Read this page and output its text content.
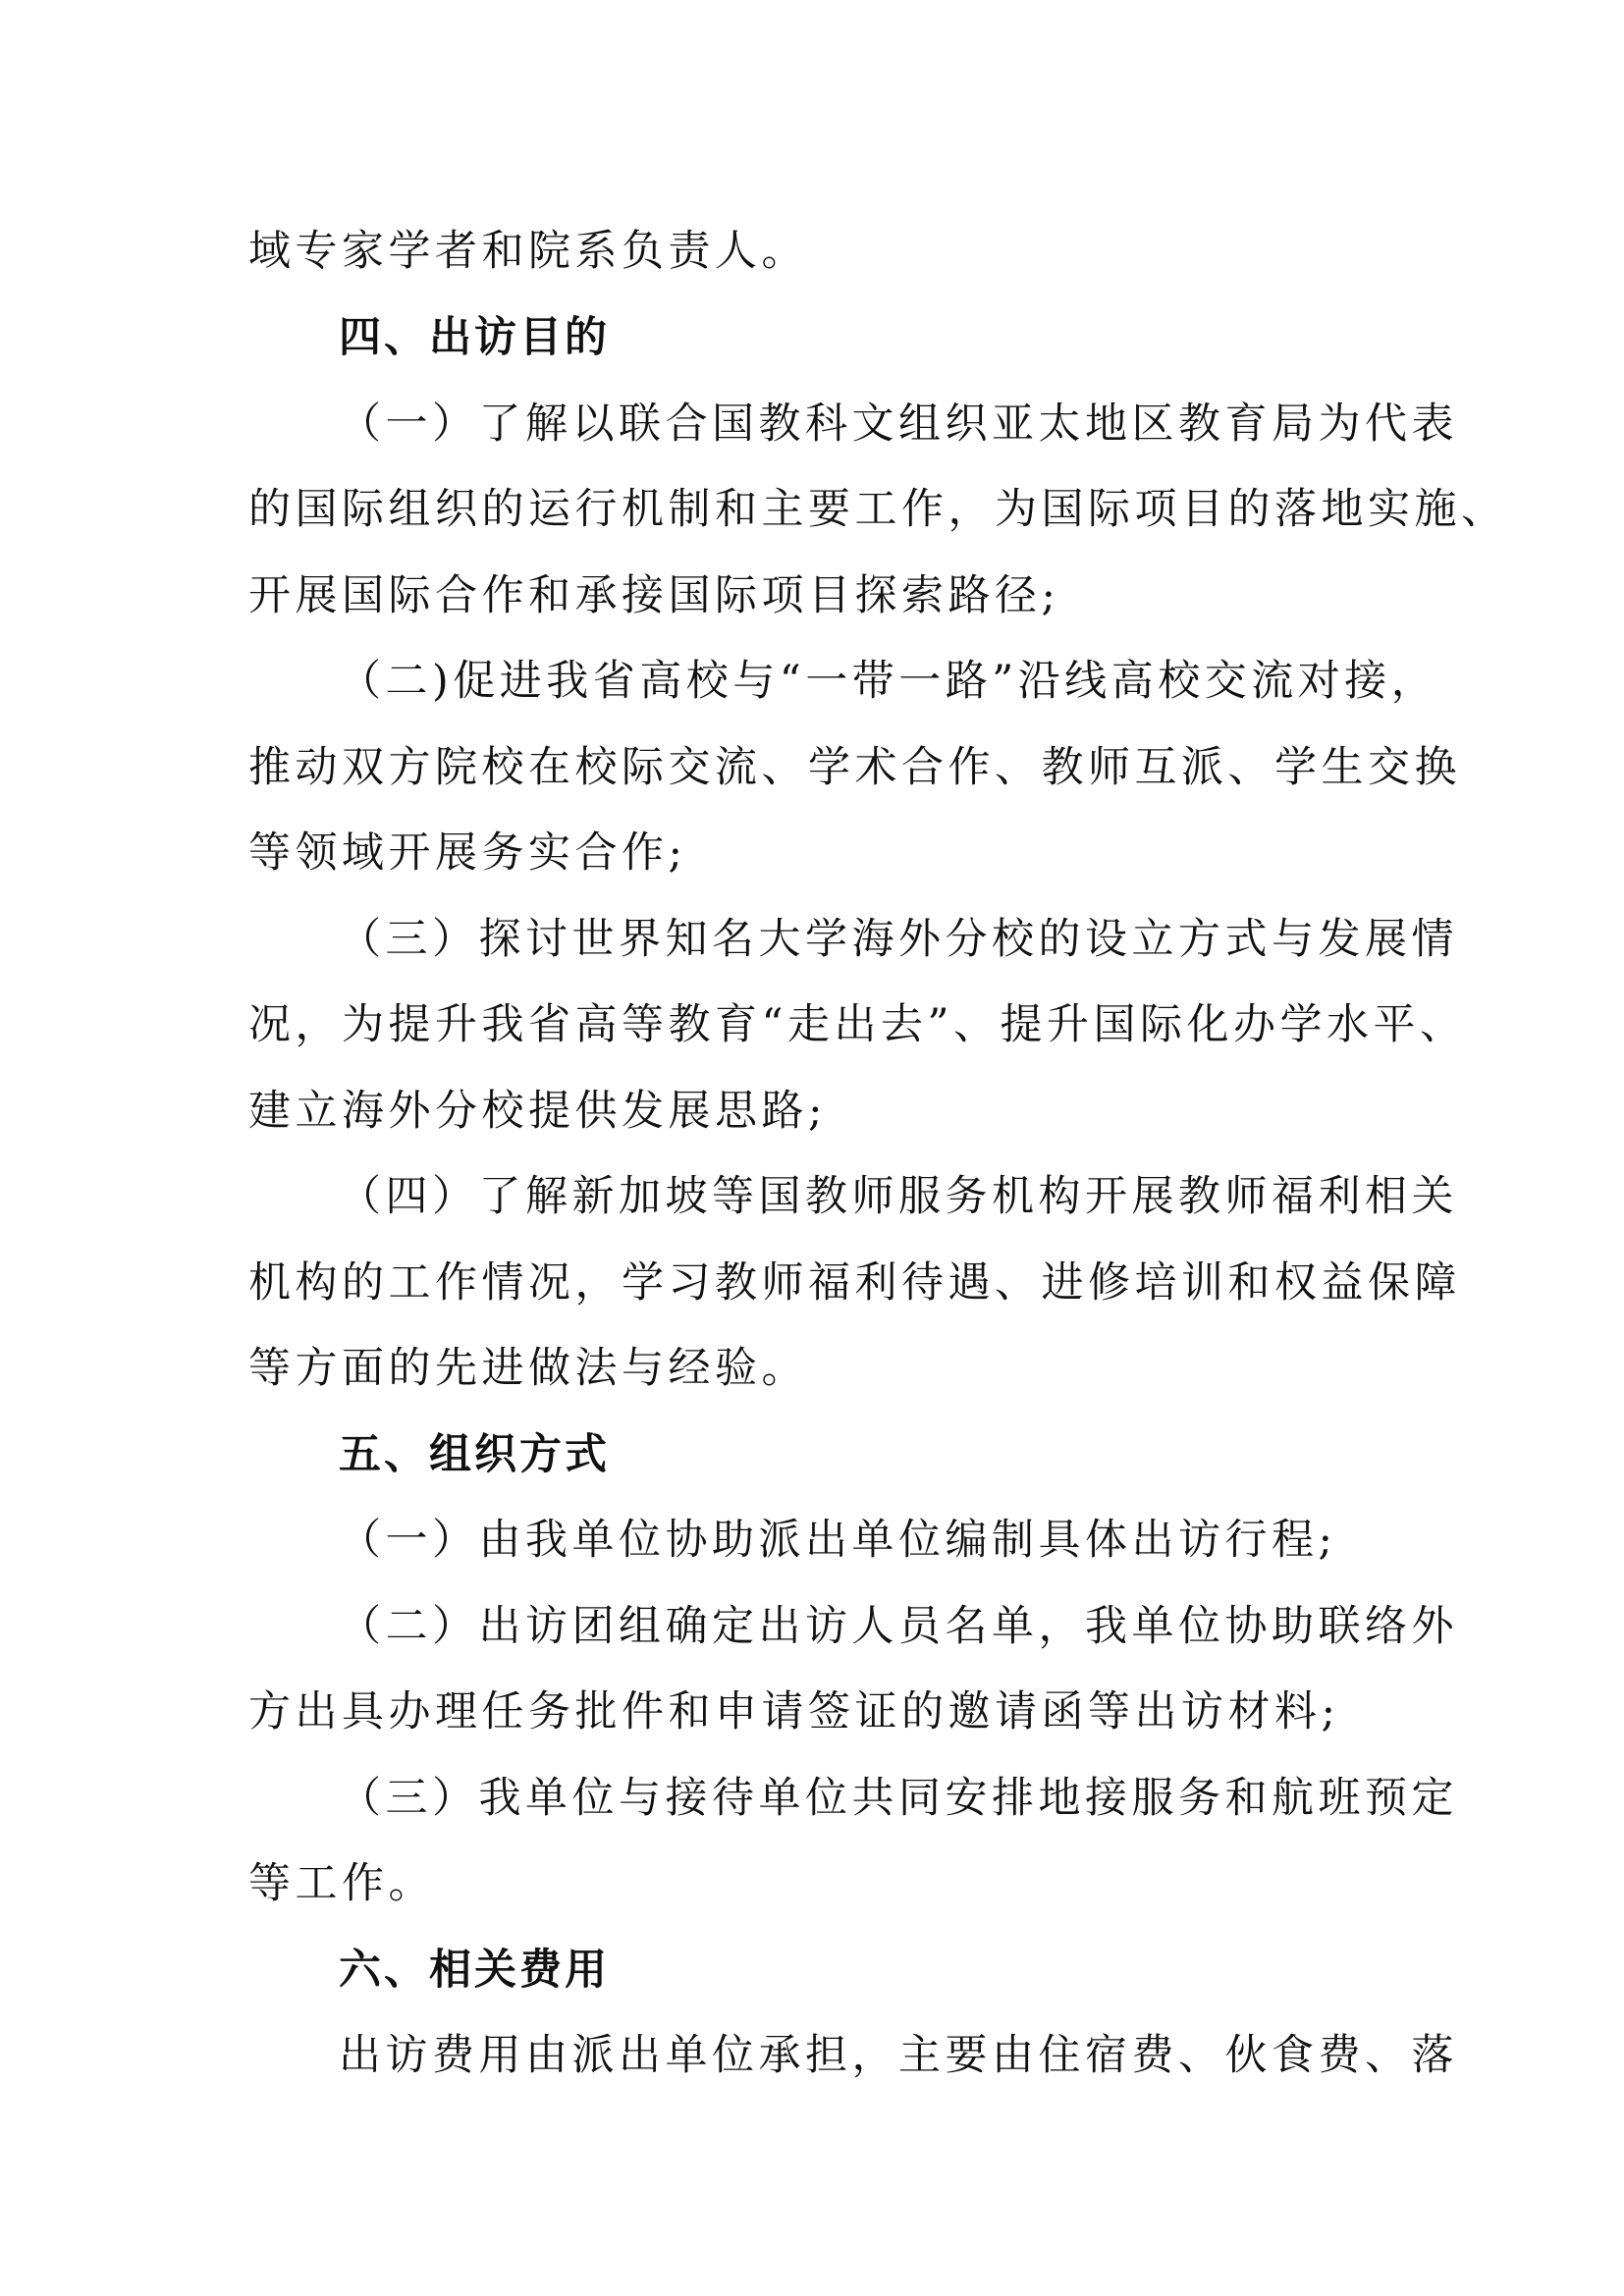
域专家学者和院系负责人。
四、出访目的
（一）了解以联合国教科文组织亚太地区教育局为代表
的国际组织的运行机制和主要工作，为国际项目的落地实施、
开展国际合作和承接国际项目探索路径;
（二)促进我省高校与“一带一路”沿线高校交流对接，
推动双方院校在校际交流、学术合作、教师互派、学生交换
等领域开展务实合作;
（三）探讨世界知名大学海外分校的设立方式与发展情
况，为提升我省高等教育“走出去”、提升国际化办学水平、
建立海外分校提供发展思路;
（四）了解新加坡等国教师服务机构开展教师福利相关
机构的工作情况，学习教师福利待遇、进修培训和权益保障
等方面的先进做法与经验。
五、组织方式
（一）由我单位协助派出单位编制具体出访行程;
（二）出访团组确定出访人员名单，我单位协助联络外
方出具办理任务批件和申请签证的邀请函等出访材料;
（三）我单位与接待单位共同安排地接服务和航班预定
等工作。
六、相关费用
出访费用由派出单位承担，主要由住宿费、伙食费、落
